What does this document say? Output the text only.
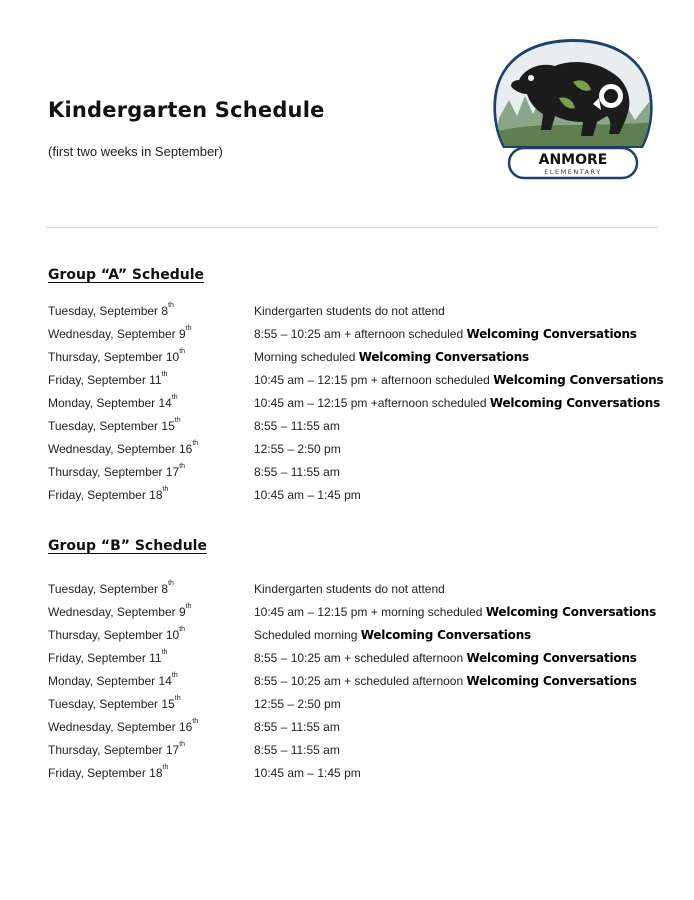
Kindergarten Schedule
(first two weeks in September)
ANMORE
ELEMENTARY
Group “A” Schedule
Tuesday, September 8th	Kindergarten students do not attend
Wednesday, September 9th	8:55 – 10:25 am + afternoon scheduled Welcoming Conversations
Thursday, September 10th	Morning scheduled Welcoming Conversations
Friday, September 11th	10:45 am – 12:15 pm + afternoon scheduled Welcoming Conversations
Monday, September 14th	10:45 am – 12:15 pm +afternoon scheduled Welcoming Conversations
Tuesday, September 15th	8:55 – 11:55 am
Wednesday, September 16th	12:55 – 2:50 pm
Thursday, September 17th	8:55 – 11:55 am
Friday, September 18th	10:45 am – 1:45 pm
Group “B” Schedule
Tuesday, September 8th	Kindergarten students do not attend
Wednesday, September 9th	10:45 am – 12:15 pm + morning scheduled Welcoming Conversations
Thursday, September 10th	Scheduled morning Welcoming Conversations
Friday, September 11th	8:55 – 10:25 am + scheduled afternoon Welcoming Conversations
Monday, September 14th	8:55 – 10:25 am + scheduled afternoon Welcoming Conversations
Tuesday, September 15th	12:55 – 2:50 pm
Wednesday, September 16th	8:55 – 11:55 am
Thursday, September 17th	8:55 – 11:55 am
Friday, September 18th	10:45 am – 1:45 pm
